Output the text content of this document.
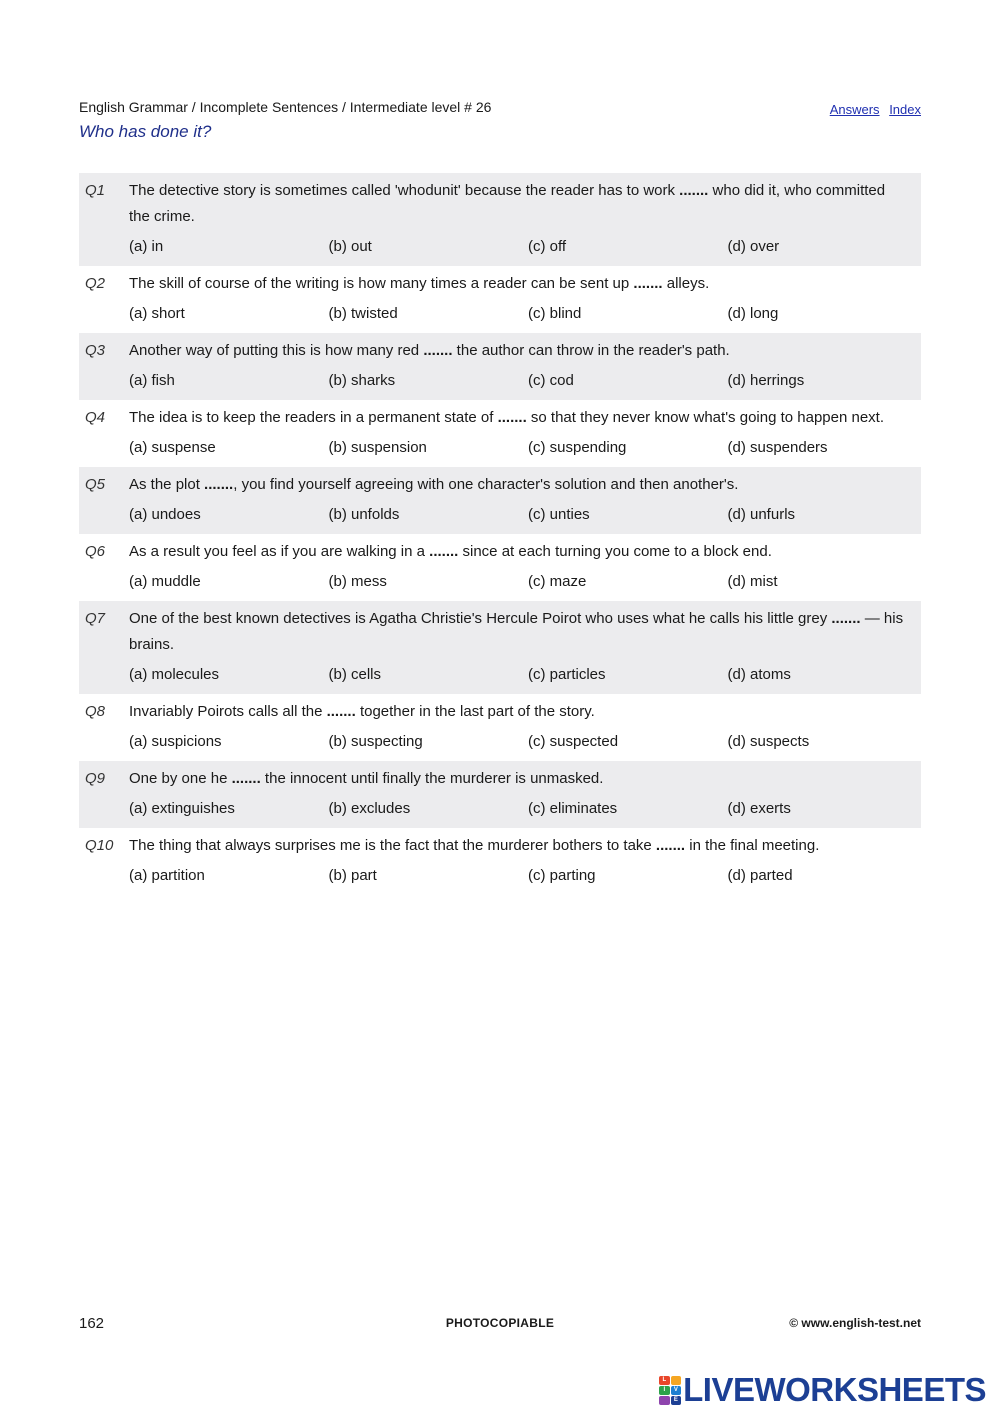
English Grammar / Incomplete Sentences / Intermediate level # 26
Who has done it?
Answers Index
Q1	The detective story is sometimes called 'whodunit' because the reader has to work ....... who did it, who committed the crime.
(a) in	(b) out	(c) off	(d) over
Q2	The skill of course of the writing is how many times a reader can be sent up ....... alleys.
(a) short	(b) twisted	(c) blind	(d) long
Q3	Another way of putting this is how many red ....... the author can throw in the reader's path.
(a) fish	(b) sharks	(c) cod	(d) herrings
Q4	The idea is to keep the readers in a permanent state of ....... so that they never know what's going to happen next.
(a) suspense	(b) suspension	(c) suspending	(d) suspenders
Q5	As the plot ......., you find yourself agreeing with one character's solution and then another's.
(a) undoes	(b) unfolds	(c) unties	(d) unfurls
Q6	As a result you feel as if you are walking in a ....... since at each turning you come to a block end.
(a) muddle	(b) mess	(c) maze	(d) mist
Q7	One of the best known detectives is Agatha Christie's Hercule Poirot who uses what he calls his little grey ....... — his brains.
(a) molecules	(b) cells	(c) particles	(d) atoms
Q8	Invariably Poirots calls all the ....... together in the last part of the story.
(a) suspicions	(b) suspecting	(c) suspected	(d) suspects
Q9	One by one he ....... the innocent until finally the murderer is unmasked.
(a) extinguishes	(b) excludes	(c) eliminates	(d) exerts
Q10	The thing that always surprises me is the fact that the murderer bothers to take ....... in the final meeting.
(a) partition	(b) part	(c) parting	(d) parted
162	PHOTOCOPIABLE	© www.english-test.net
L
I	V
E LIVEWORKSHEETS
